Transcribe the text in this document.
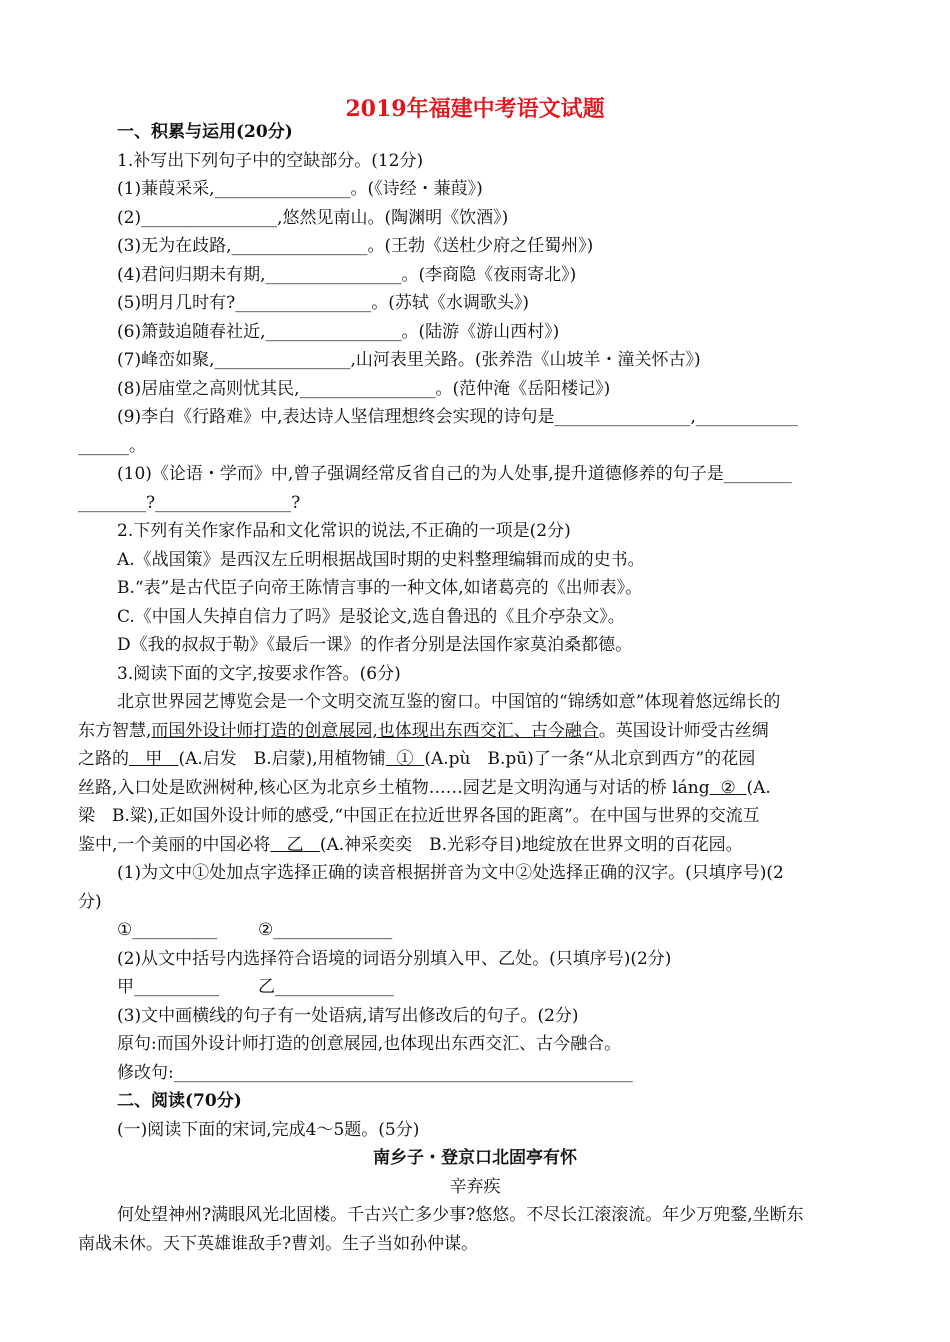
2019年福建中考语文试题
一、积累与运用(20分)
1.补写出下列句子中的空缺部分。(12分)
(1)蒹葭采采,________________。(《诗经・蒹葭》)
(2)________________,悠然见南山。(陶渊明《饮酒》)
(3)无为在歧路,________________。(王勃《送杜少府之任蜀州》)
(4)君问归期未有期,________________。(李商隐《夜雨寄北》)
(5)明月几时有?________________。(苏轼《水调歌头》)
(6)箫鼓追随春社近,________________。(陆游《游山西村》)
(7)峰峦如聚,________________,山河表里关路。(张养浩《山坡羊・潼关怀古》)
(8)居庙堂之高则忧其民,________________。(范仲淹《岳阳楼记》)
(9)李白《行路难》中,表达诗人坚信理想终会实现的诗句是________________,____________
______。
(10)《论语・学而》中,曾子强调经常反省自己的为人处事,提升道德修养的句子是________
________?________________?
2.下列有关作家作品和文化常识的说法,不正确的一项是(2分)
A.《战国策》是西汉左丘明根据战国时期的史料整理编辑而成的史书。
B.“表”是古代臣子向帝王陈情言事的一种文体,如诸葛亮的《出师表》。
C.《中国人失掉自信力了吗》是驳论文,选自鲁迅的《且介亭杂文》。
D《我的叔叔于勒》《最后一课》的作者分别是法国作家莫泊桑都德。
3.阅读下面的文字,按要求作答。(6分)
北京世界园艺博览会是一个文明交流互鉴的窗口。中国馆的“锦绣如意”体现着悠远绵长的
东方智慧,而国外设计师打造的创意展园,也体现出东西交汇、古今融合。英国设计师受古丝绸
之路的 甲 (A.启发　B.启蒙),用植物铺 ① (A.pù　B.pū)了一条“从北京到西方”的花园
丝路,入口处是欧洲树种,核心区为北京乡土植物……园艺是文明沟通与对话的桥 láng ② (A.
梁　B.粱),正如国外设计师的感受,“中国正在拉近世界各国的距离”。在中国与世界的交流互
鉴中,一个美丽的中国必将 乙 (A.神采奕奕　B.光彩夺目)地绽放在世界文明的百花园。
(1)为文中①处加点字选择正确的读音根据拼音为文中②处选择正确的汉字。(只填序号)(2
分)
①__________ ②______________
(2)从文中括号内选择符合语境的词语分别填入甲、乙处。(只填序号)(2分)
甲__________ 乙______________
(3)文中画横线的句子有一处语病,请写出修改后的句子。(2分)
原句:而国外设计师打造的创意展园,也体现出东西交汇、古今融合。
修改句:______________________________________________________
二、阅读(70分)
(一)阅读下面的宋词,完成4～5题。(5分)
南乡子・登京口北固亭有怀
辛弃疾
何处望神州?满眼风光北固楼。千古兴亡多少事?悠悠。不尽长江滚滚流。年少万兜鍪,坐断东
南战未休。天下英雄谁敌手?曹刘。生子当如孙仲谋。
